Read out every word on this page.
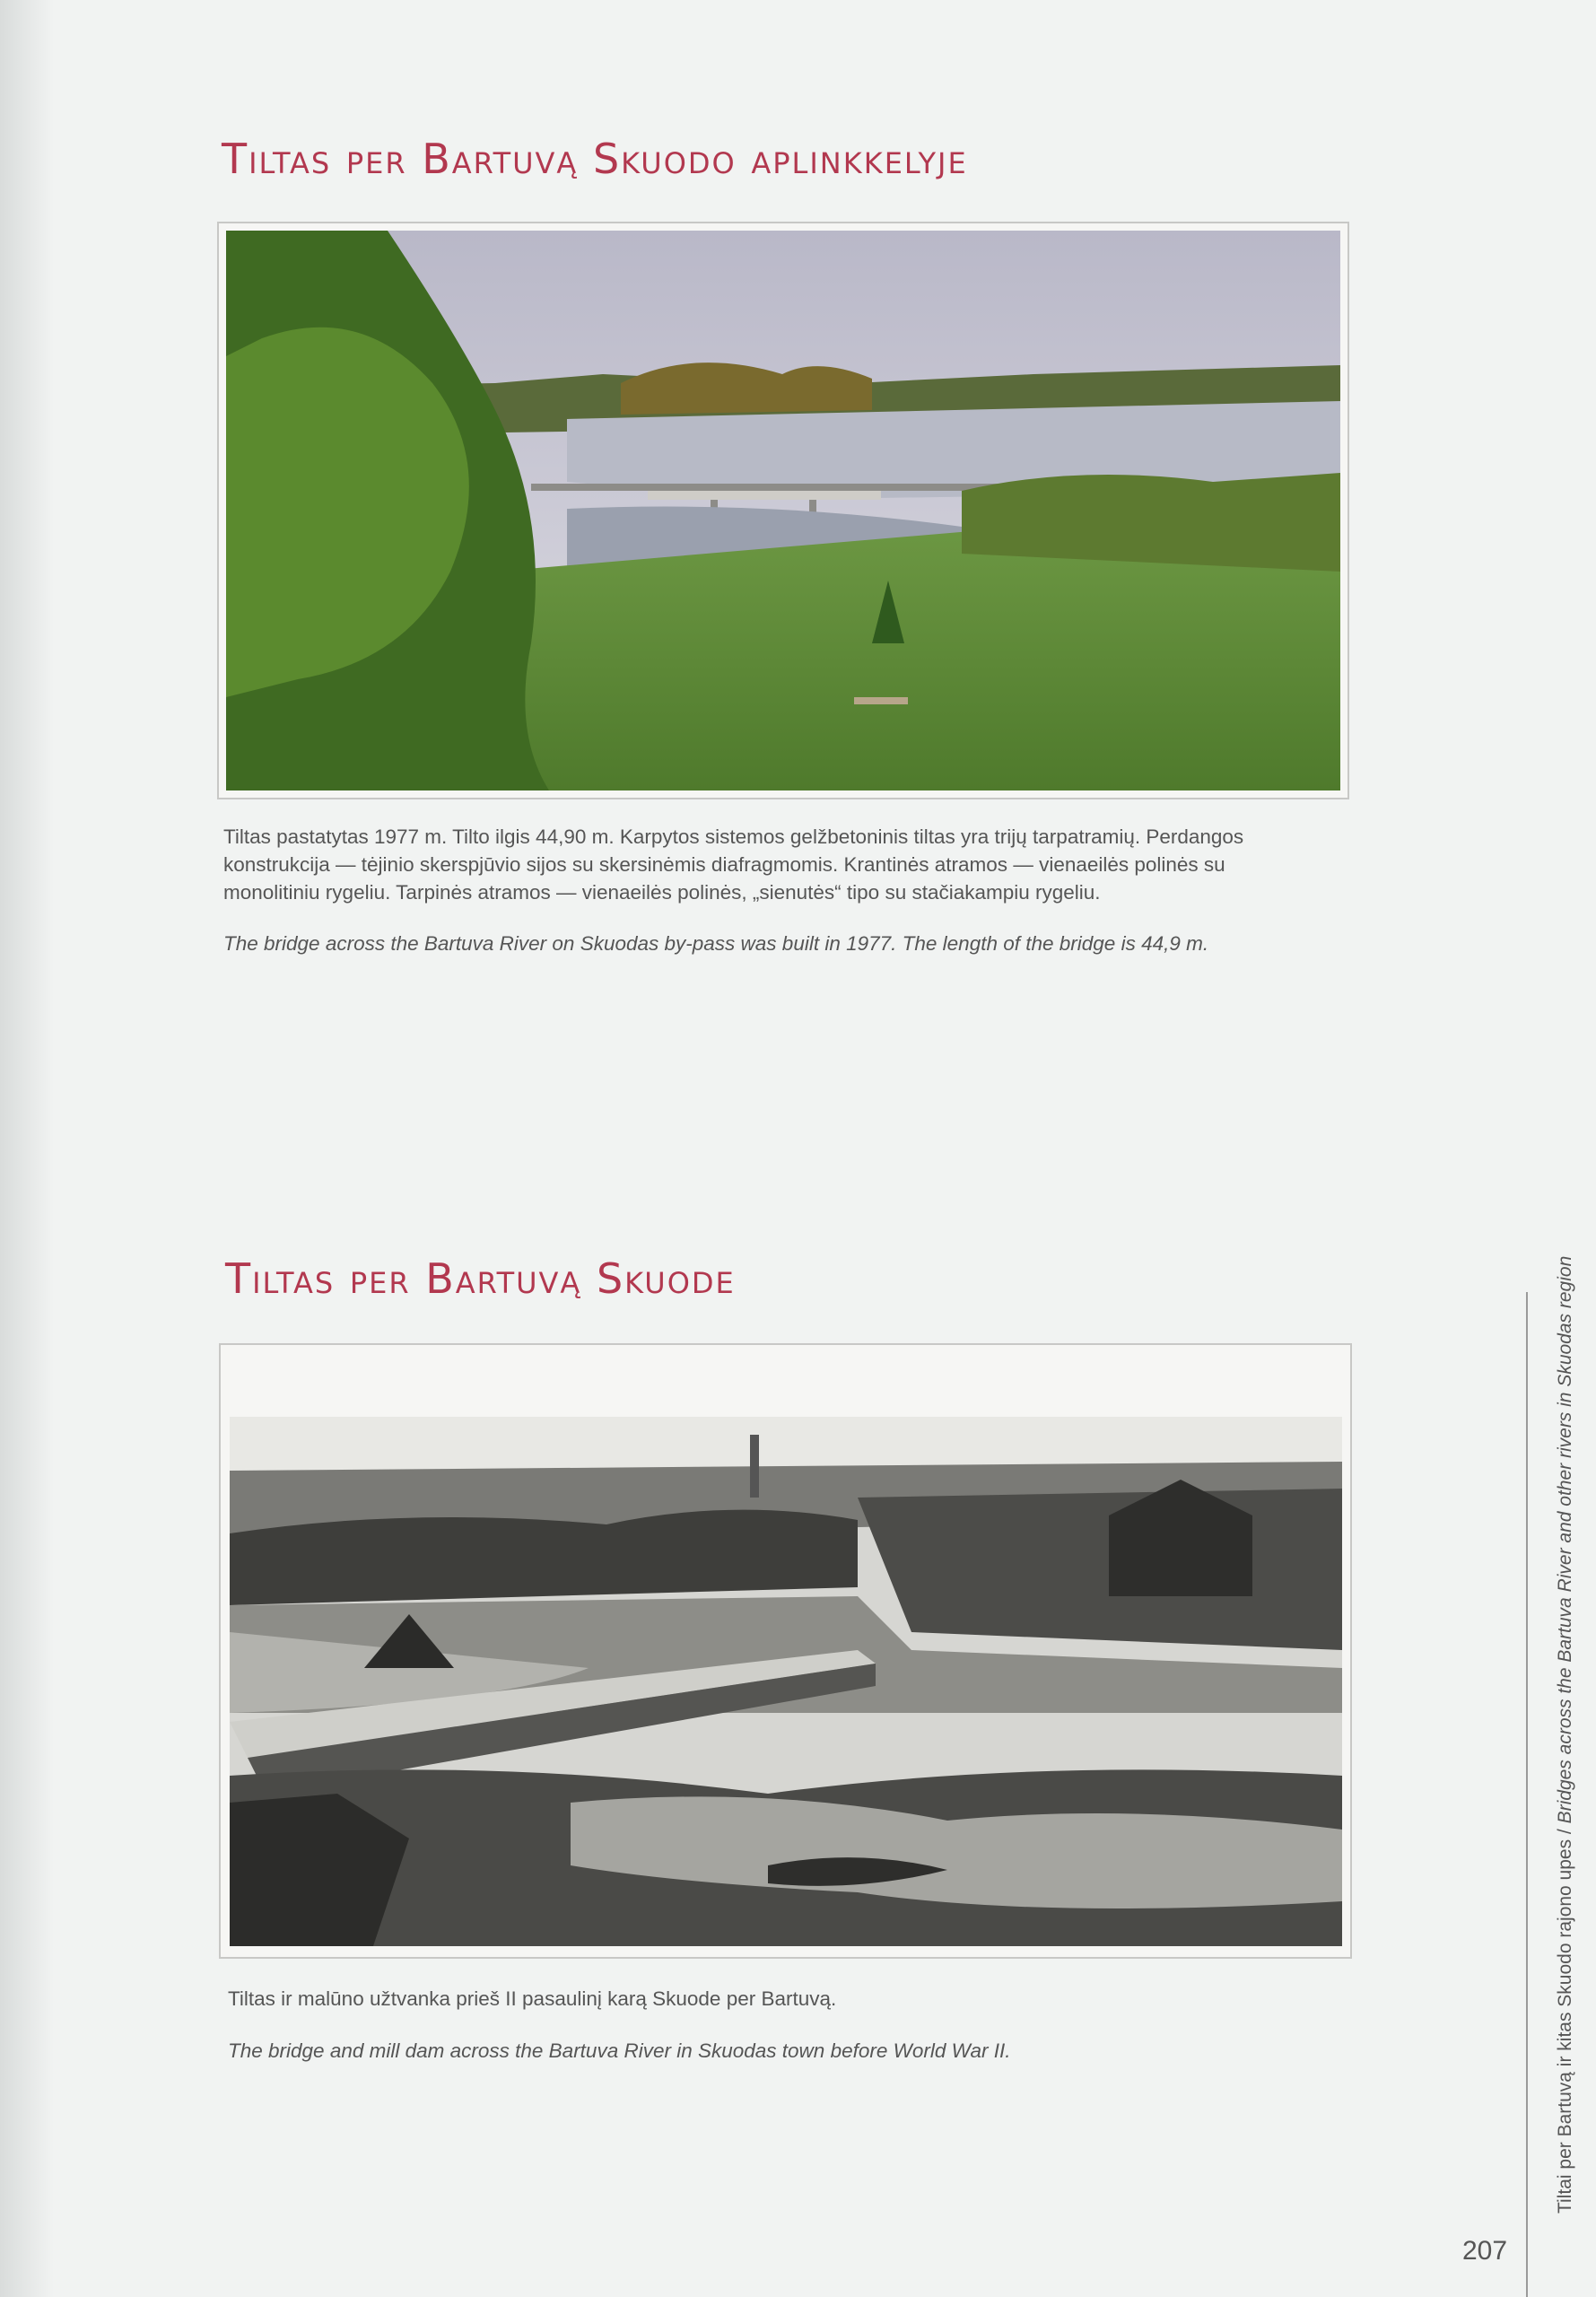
Tiltas per Bartuvą Skuodo aplinkkelyje

Tiltas pastatytas 1977 m. Tilto ilgis 44,90 m. Karpytos sistemos gelžbetoninis tiltas yra trijų tarpatramių. Perdangos konstrukcija — tėjinio skerspjūvio sijos su skersinėmis diafragmomis. Krantinės atramos — vienaeilės polinės su monolitiniu rygeliu. Tarpinės atramos — vienaeilės polinės, „sienutės“ tipo su stačiakampiu rygeliu.

The bridge across the Bartuva River on Skuodas by-pass was built in 1977. The length of the bridge is 44,9 m.

Tiltas per Bartuvą Skuode

Tiltas ir malūno užtvanka prieš II pasaulinį karą Skuode per Bartuvą.

The bridge and mill dam across the Bartuva River in Skuodas town before World War II.	Tiltai per Bartuvą ir kitas Skuodo rajono upes / Bridges across the Bartuva River and other rivers in Skuodas region
207
